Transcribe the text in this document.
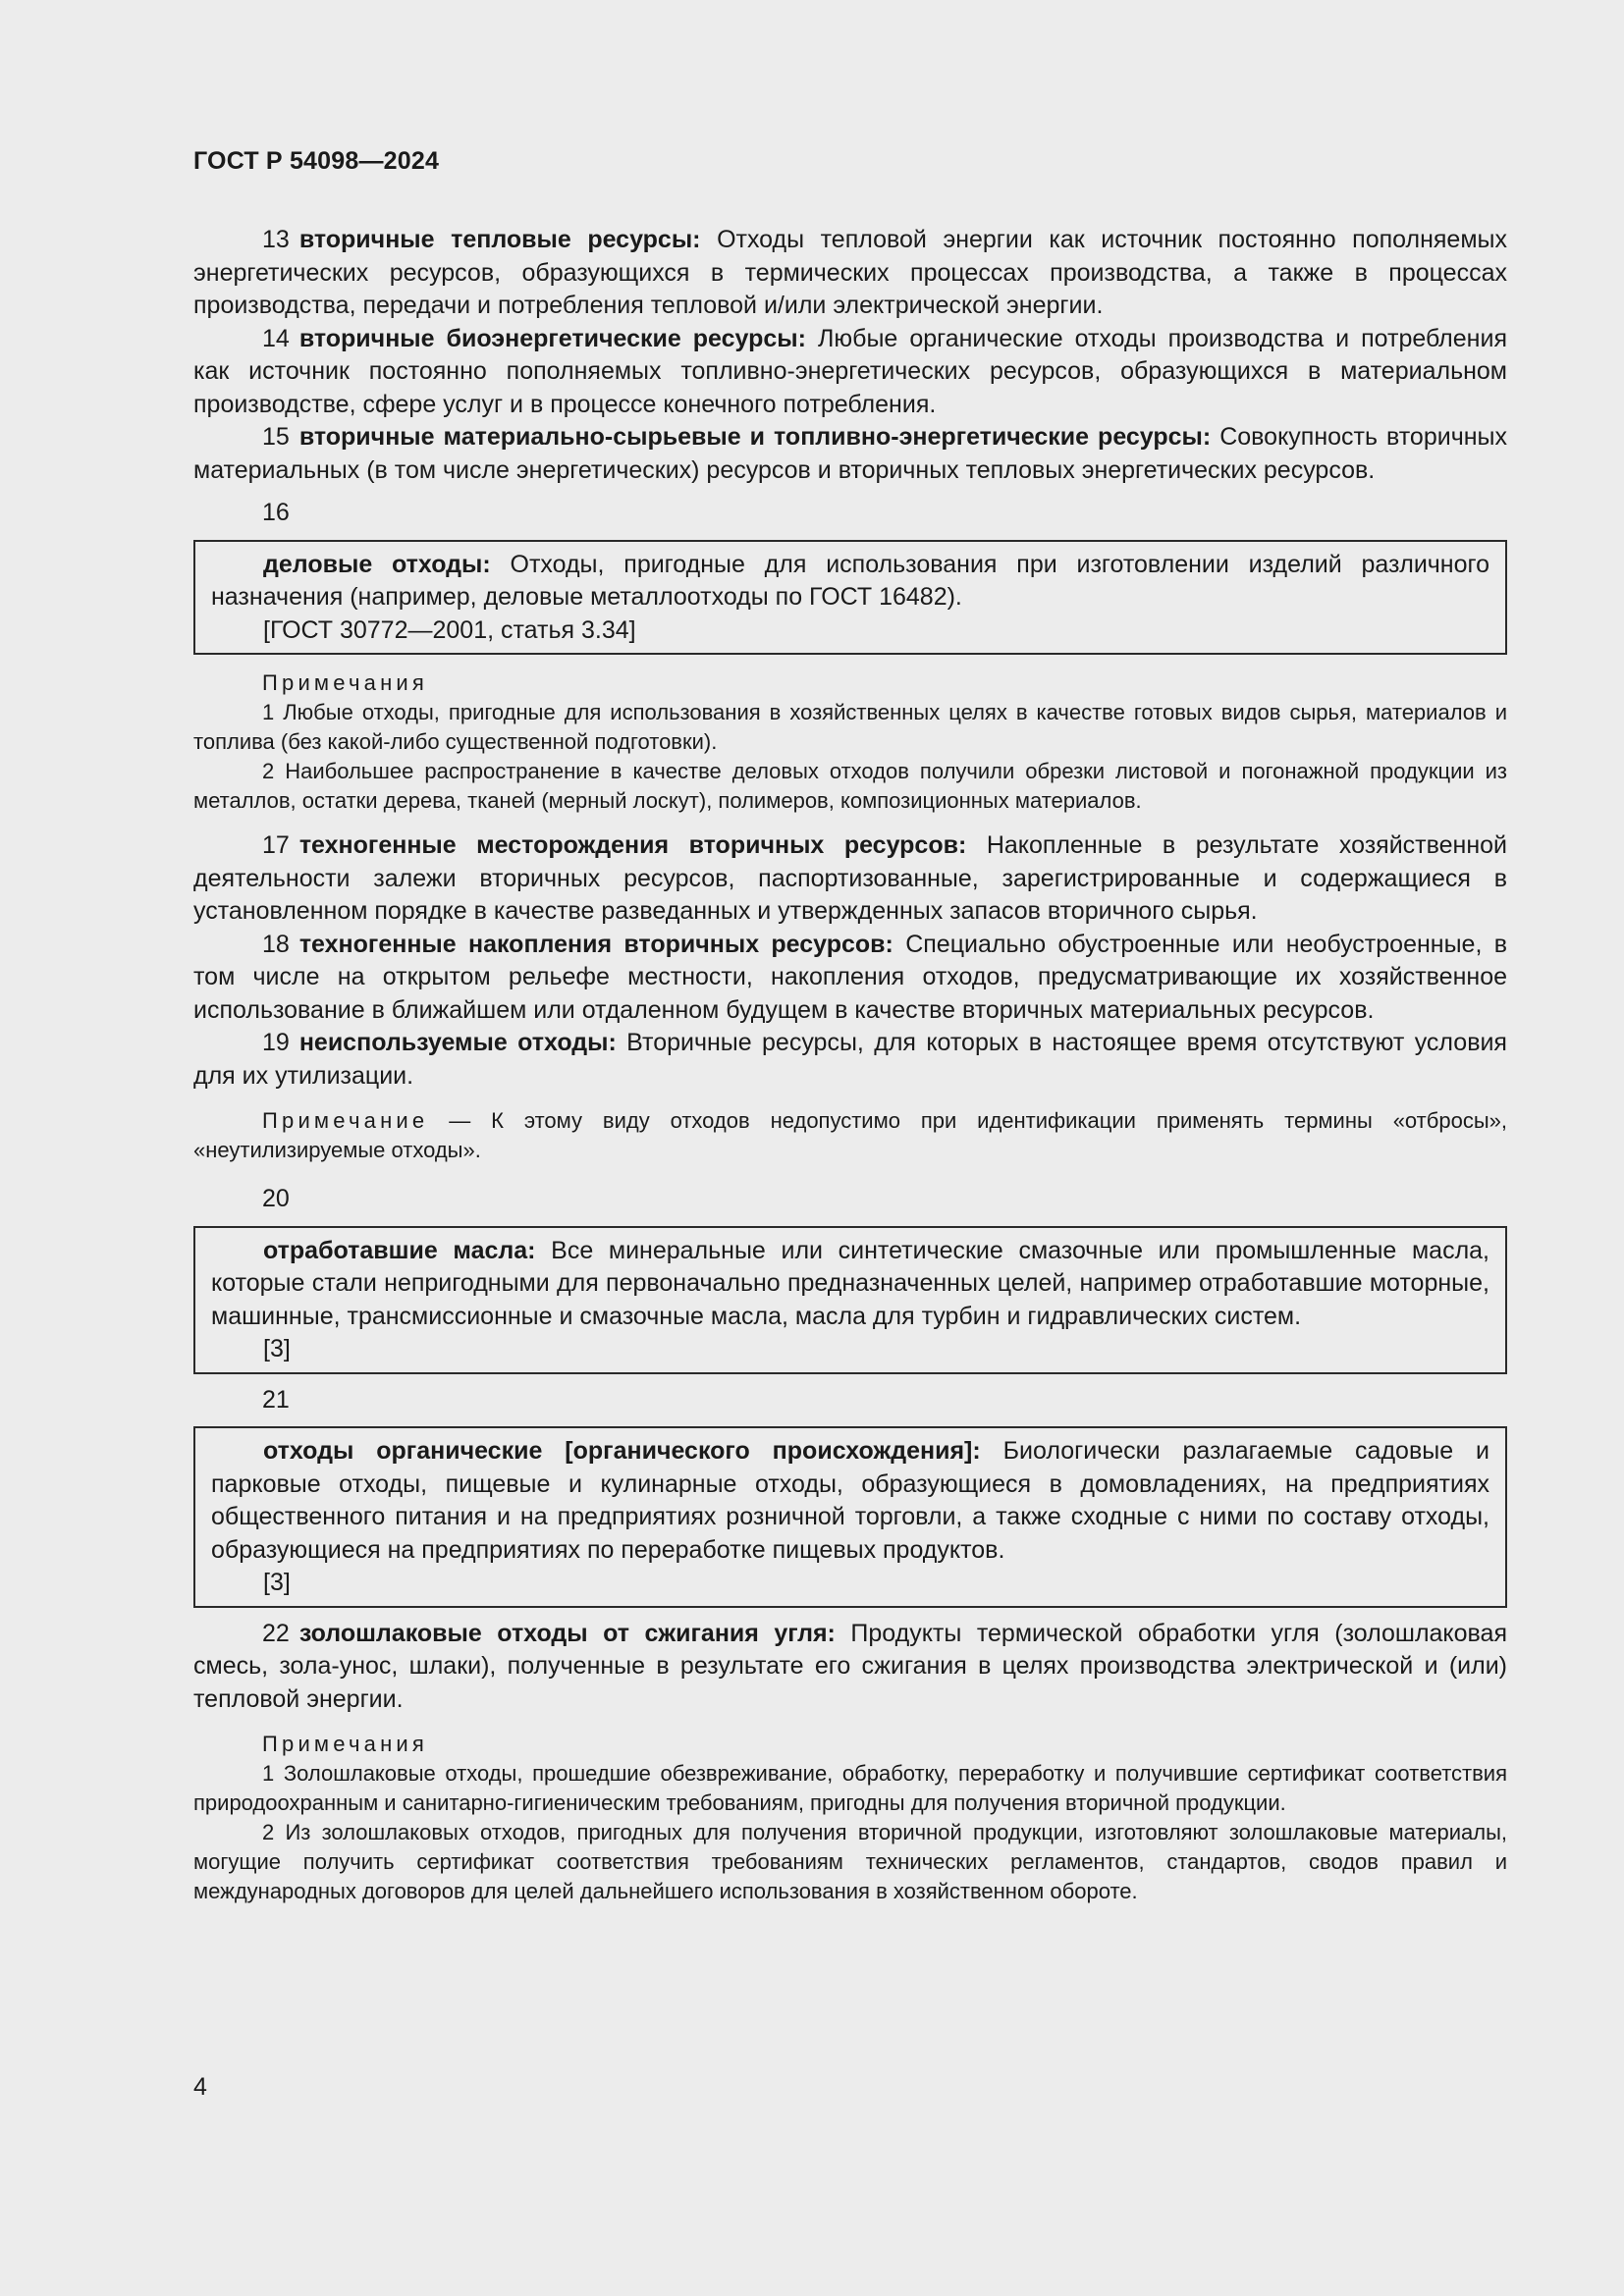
ГОСТ Р 54098—2024

13 вторичные тепловые ресурсы: Отходы тепловой энергии как источник постоянно пополняемых энергетических ресурсов, образующихся в термических процессах производства, а также в процессах производства, передачи и потребления тепловой и/или электрической энергии.

14 вторичные биоэнергетические ресурсы: Любые органические отходы производства и потребления как источник постоянно пополняемых топливно-энергетических ресурсов, образующихся в материальном производстве, сфере услуг и в процессе конечного потребления.

15 вторичные материально-сырьевые и топливно-энергетические ресурсы: Совокупность вторичных материальных (в том числе энергетических) ресурсов и вторичных тепловых энергетических ресурсов.

16

деловые отходы: Отходы, пригодные для использования при изготовлении изделий различного назначения (например, деловые металлоотходы по ГОСТ 16482).

[ГОСТ 30772—2001, статья 3.34]

Примечания

1 Любые отходы, пригодные для использования в хозяйственных целях в качестве готовых видов сырья, материалов и топлива (без какой-либо существенной подготовки).

2 Наибольшее распространение в качестве деловых отходов получили обрезки листовой и погонажной продукции из металлов, остатки дерева, тканей (мерный лоскут), полимеров, композиционных материалов.

17 техногенные месторождения вторичных ресурсов: Накопленные в результате хозяйственной деятельности залежи вторичных ресурсов, паспортизованные, зарегистрированные и содержащиеся в установленном порядке в качестве разведанных и утвержденных запасов вторичного сырья.

18 техногенные накопления вторичных ресурсов: Специально обустроенные или необустроенные, в том числе на открытом рельефе местности, накопления отходов, предусматривающие их хозяйственное использование в ближайшем или отдаленном будущем в качестве вторичных материальных ресурсов.

19 неиспользуемые отходы: Вторичные ресурсы, для которых в настоящее время отсутствуют условия для их утилизации.

Примечание — К этому виду отходов недопустимо при идентификации применять термины «отбросы», «неутилизируемые отходы».

20

отработавшие масла: Все минеральные или синтетические смазочные или промышленные масла, которые стали непригодными для первоначально предназначенных целей, например отработавшие моторные, машинные, трансмиссионные и смазочные масла, масла для турбин и гидравлических систем.

[3]

21

отходы органические [органического происхождения]: Биологически разлагаемые садовые и парковые отходы, пищевые и кулинарные отходы, образующиеся в домовладениях, на предприятиях общественного питания и на предприятиях розничной торговли, а также сходные с ними по составу отходы, образующиеся на предприятиях по переработке пищевых продуктов.

[3]

22 золошлаковые отходы от сжигания угля: Продукты термической обработки угля (золошлаковая смесь, зола-унос, шлаки), полученные в результате его сжигания в целях производства электрической и (или) тепловой энергии.

Примечания

1 Золошлаковые отходы, прошедшие обезвреживание, обработку, переработку и получившие сертификат соответствия природоохранным и санитарно-гигиеническим требованиям, пригодны для получения вторичной продукции.

2 Из золошлаковых отходов, пригодных для получения вторичной продукции, изготовляют золошлаковые материалы, могущие получить сертификат соответствия требованиям технических регламентов, стандартов, сводов правил и международных договоров для целей дальнейшего использования в хозяйственном обороте.

4
